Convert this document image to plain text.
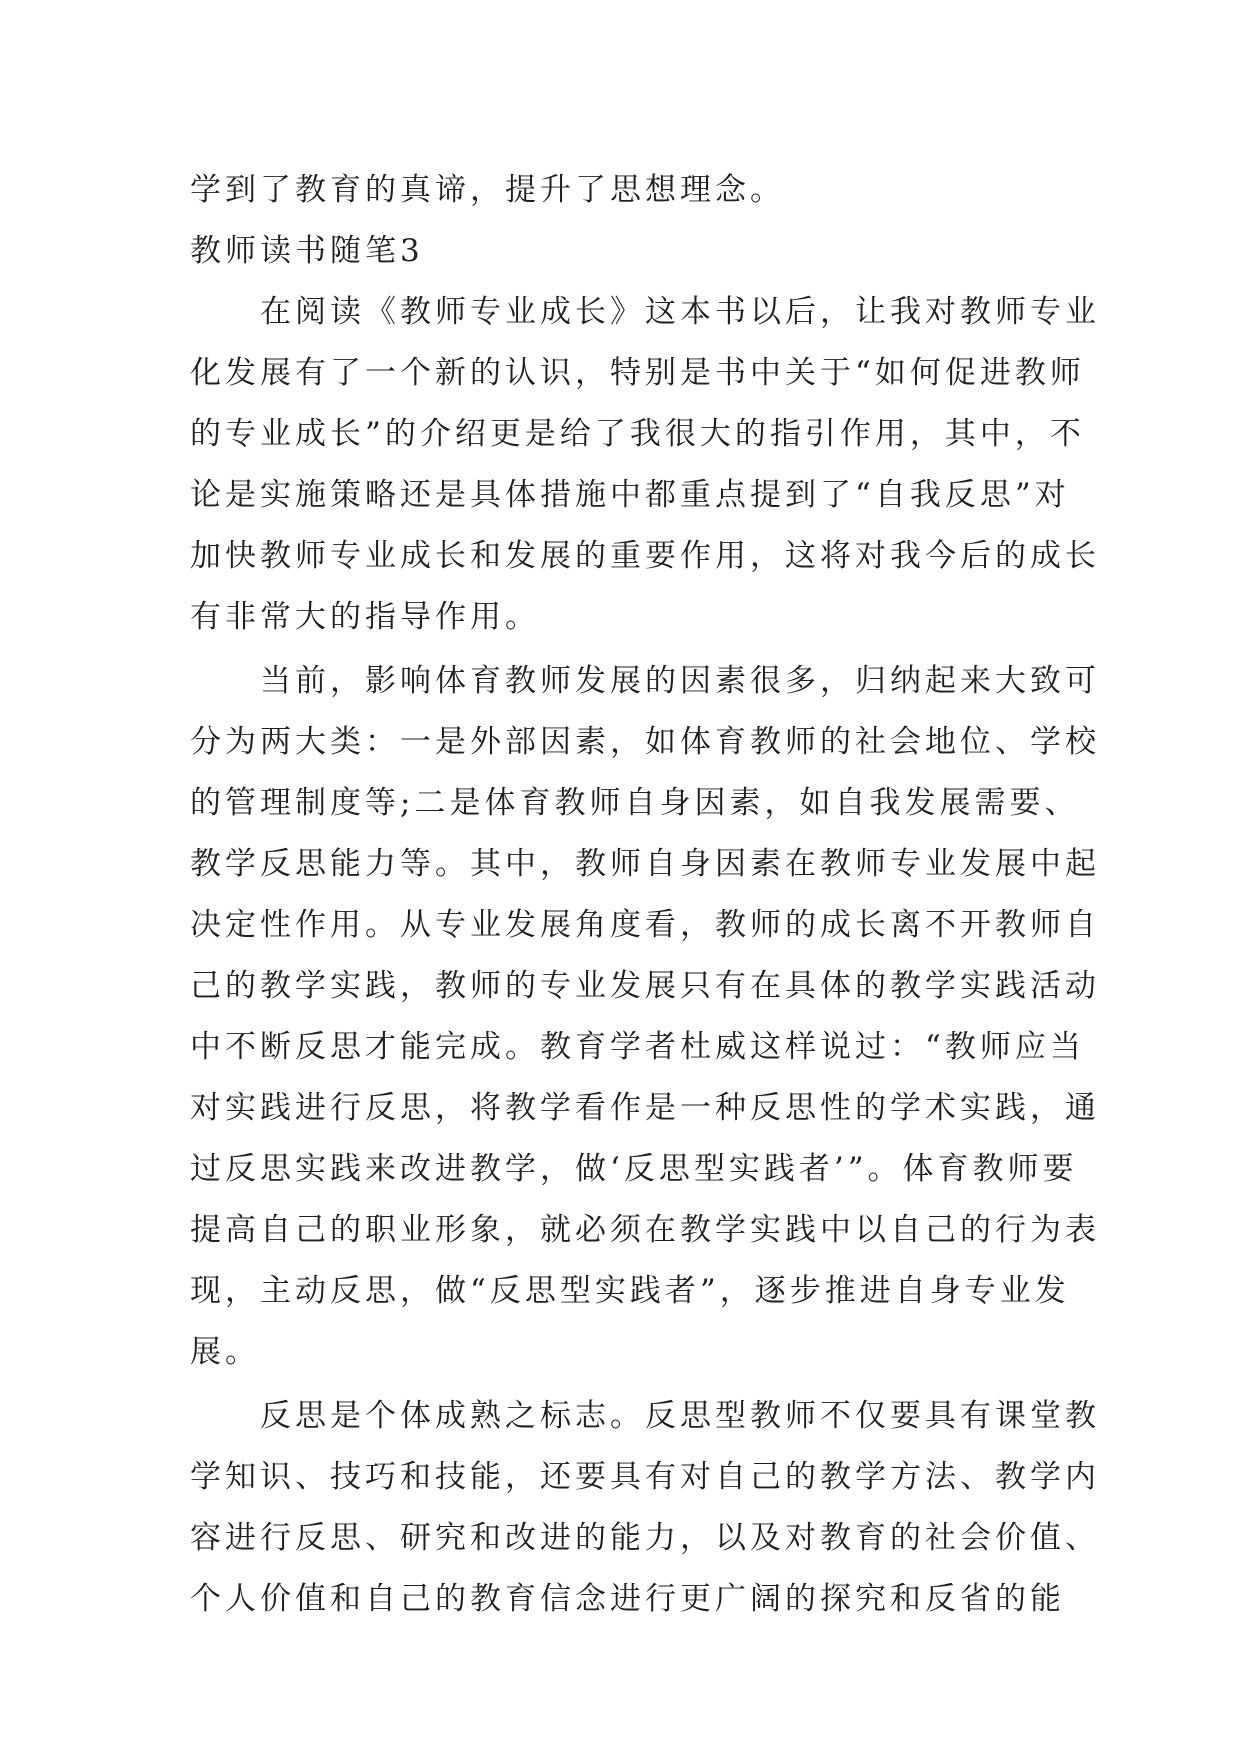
学到了教育的真谛，提升了思想理念。
教师读书随笔3
在阅读《教师专业成长》这本书以后，让我对教师专业
化发展有了一个新的认识，特别是书中关于“如何促进教师
的专业成长”的介绍更是给了我很大的指引作用，其中，不
论是实施策略还是具体措施中都重点提到了“自我反思”对
加快教师专业成长和发展的重要作用，这将对我今后的成长
有非常大的指导作用。
当前，影响体育教师发展的因素很多，归纳起来大致可
分为两大类：一是外部因素，如体育教师的社会地位、学校
的管理制度等;二是体育教师自身因素，如自我发展需要、
教学反思能力等。其中，教师自身因素在教师专业发展中起
决定性作用。从专业发展角度看，教师的成长离不开教师自
己的教学实践，教师的专业发展只有在具体的教学实践活动
中不断反思才能完成。教育学者杜威这样说过：“教师应当
对实践进行反思，将教学看作是一种反思性的学术实践，通
过反思实践来改进教学，做‘反思型实践者’”。体育教师要
提高自己的职业形象，就必须在教学实践中以自己的行为表
现，主动反思，做“反思型实践者”，逐步推进自身专业发
展。
反思是个体成熟之标志。反思型教师不仅要具有课堂教
学知识、技巧和技能，还要具有对自己的教学方法、教学内
容进行反思、研究和改进的能力，以及对教育的社会价值、
个人价值和自己的教育信念进行更广阔的探究和反省的能
